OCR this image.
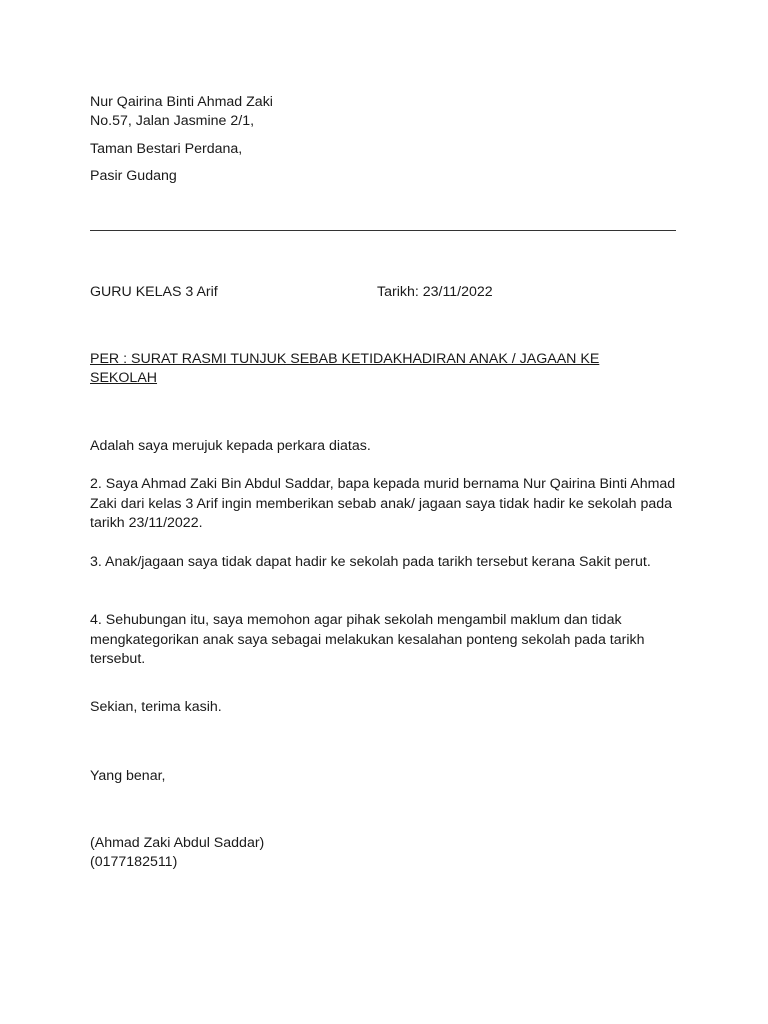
Nur Qairina Binti Ahmad Zaki
No.57, Jalan Jasmine 2/1,
Taman Bestari Perdana,
Pasir Gudang
GURU KELAS 3 Arif	Tarikh: 23/11/2022
PER : SURAT RASMI TUNJUK SEBAB KETIDAKHADIRAN ANAK / JAGAAN KE SEKOLAH
Adalah saya merujuk kepada perkara diatas.
2. Saya Ahmad Zaki Bin Abdul Saddar, bapa kepada murid bernama Nur Qairina Binti Ahmad Zaki dari kelas 3 Arif ingin memberikan sebab anak/ jagaan saya tidak hadir ke sekolah pada tarikh 23/11/2022.
3. Anak/jagaan saya tidak dapat hadir ke sekolah pada tarikh tersebut kerana Sakit perut.
4. Sehubungan itu, saya memohon agar pihak sekolah mengambil maklum dan tidak mengkategorikan anak saya sebagai melakukan kesalahan ponteng sekolah pada tarikh tersebut.
Sekian, terima kasih.
Yang benar,
(Ahmad Zaki Abdul Saddar)
(0177182511)
